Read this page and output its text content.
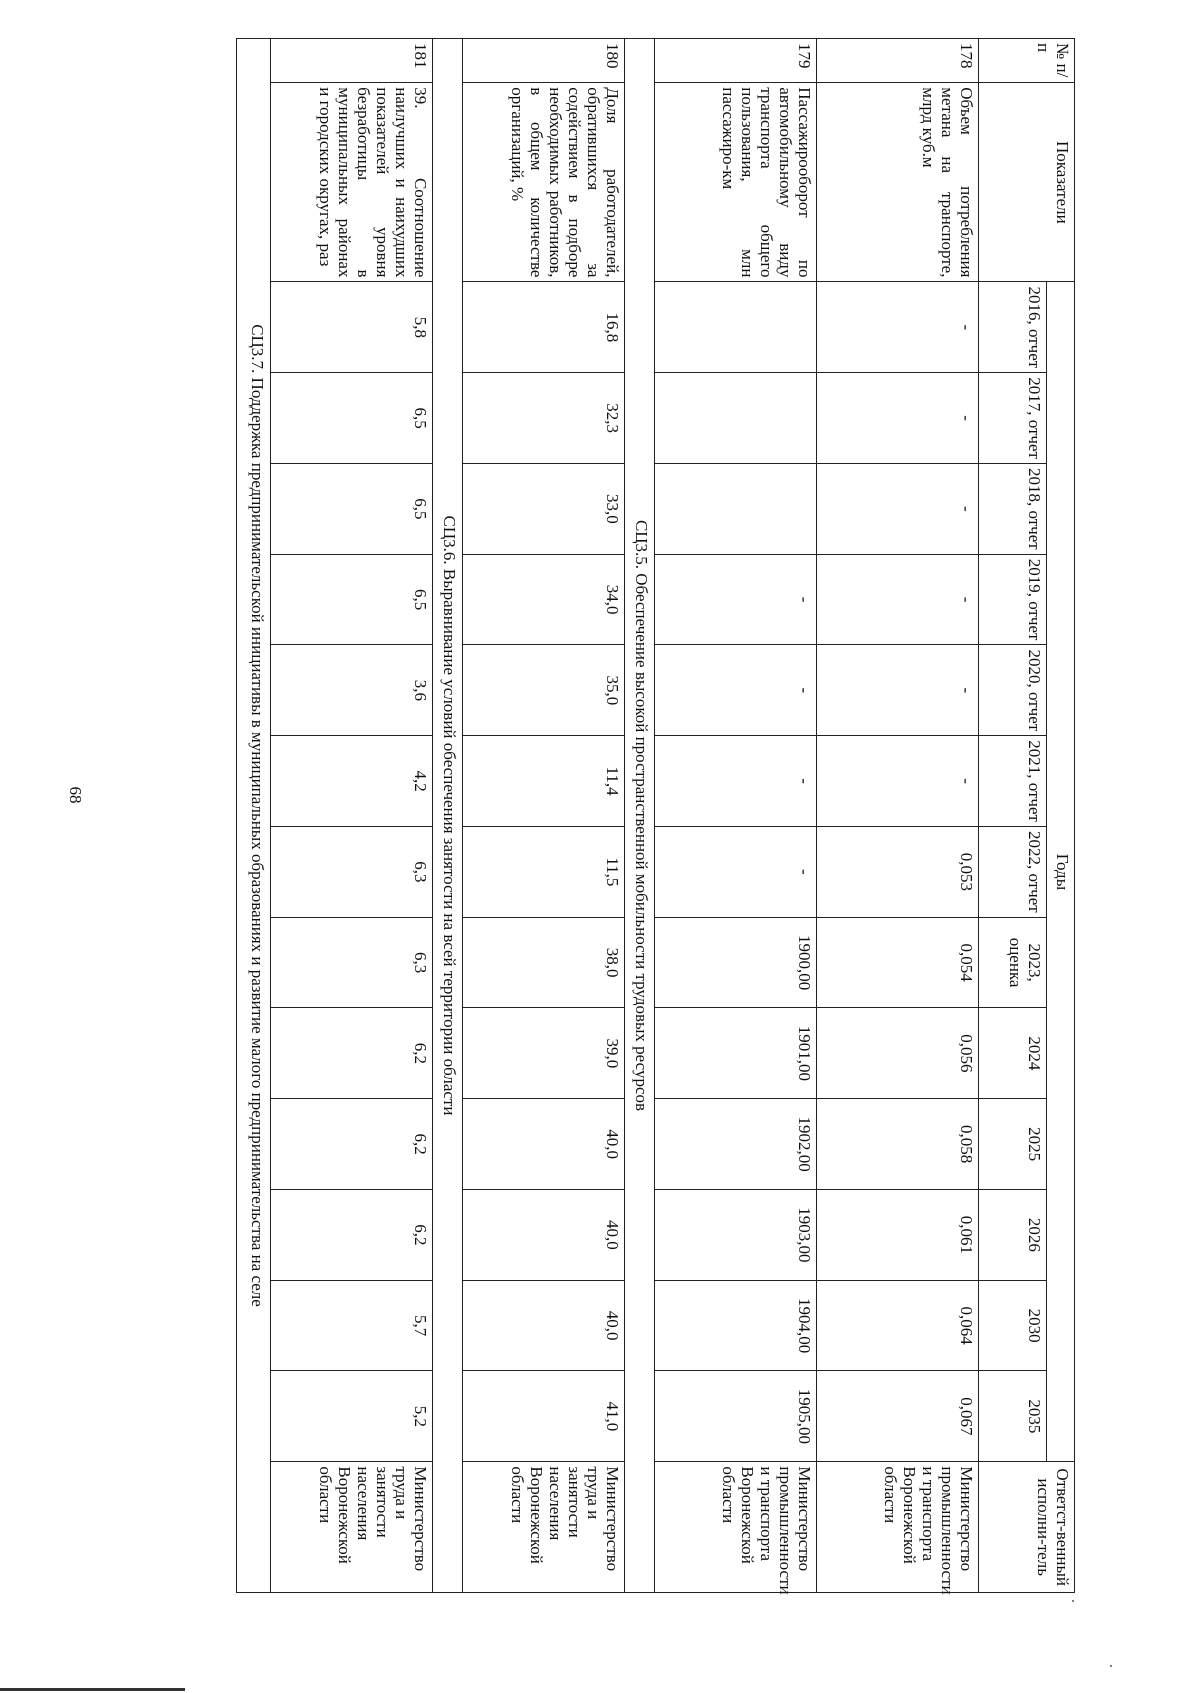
68
№ п/п	Показатели	Годы													Ответст-венный исполни-тель
		2016, отчет	2017, отчет	2018, отчет	2019, отчет	2020, отчет	2021, отчет	2022, отчет	2023, оценка	2024	2025	2026	2030	2035	
178	Объем потребления метана на транспорте, млрд куб.м	-	-	-	-	-	-	0,053	0,054	0,056	0,058	0,061	0,064	0,067	Министерство промышленности и транспорта Воронежской области
179	Пассажирооборот по автомобильному виду транспорта общего пользования, млн пассажиро-км				-	-	-	-	1900,00	1901,00	1902,00	1903,00	1904,00	1905,00	Министерство промышленности и транспорта Воронежской области
СЦ3.5. Обеспечение высокой пространственной мобильности трудовых ресурсов															
180	Доля работодателей, обратившихся за содействием в подборе необходимых работников, в общем количестве организаций, %	16,8	32,3	33,0	34,0	35,0	11,4	11,5	38,0	39,0	40,0	40,0	40,0	41,0	Министерство труда и занятости населения Воронежской области
СЦ3.6. Выравнивание условий обеспечения занятости на всей территории области															
181	39. Соотношение наилучших и наихудших показателей уровня безработицы в муниципальных районах и городских округах, раз	5,8	6,5	6,5	6,5	3,6	4,2	6,3	6,3	6,2	6,2	6,2	5,7	5,2	Министерство труда и занятости населения Воронежской области
СЦ3.7. Поддержка предпринимательской инициативы в муниципальных образованиях и развитие малого предпринимательства на селе															
